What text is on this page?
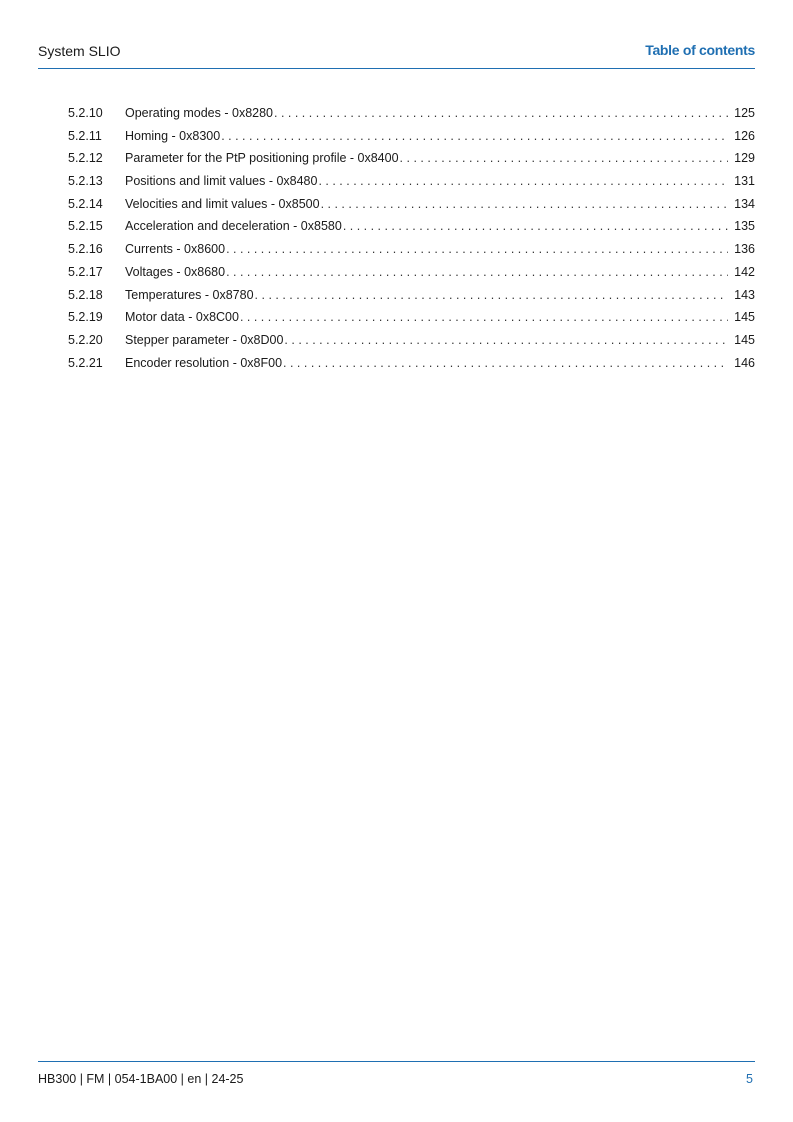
System SLIO	Table of contents
5.2.10	Operating modes - 0x8280 . . .	125
5.2.11	Homing - 0x8300 . . .	126
5.2.12	Parameter for the PtP positioning profile - 0x8400 . . .	129
5.2.13	Positions and limit values - 0x8480 . . .	131
5.2.14	Velocities and limit values - 0x8500 . . .	134
5.2.15	Acceleration and deceleration - 0x8580 . . .	135
5.2.16	Currents - 0x8600 . . .	136
5.2.17	Voltages - 0x8680 . . .	142
5.2.18	Temperatures - 0x8780 . . .	143
5.2.19	Motor data - 0x8C00 . . .	145
5.2.20	Stepper parameter - 0x8D00 . . .	145
5.2.21	Encoder resolution - 0x8F00 . . .	146
HB300 | FM | 054-1BA00 | en | 24-25	5
